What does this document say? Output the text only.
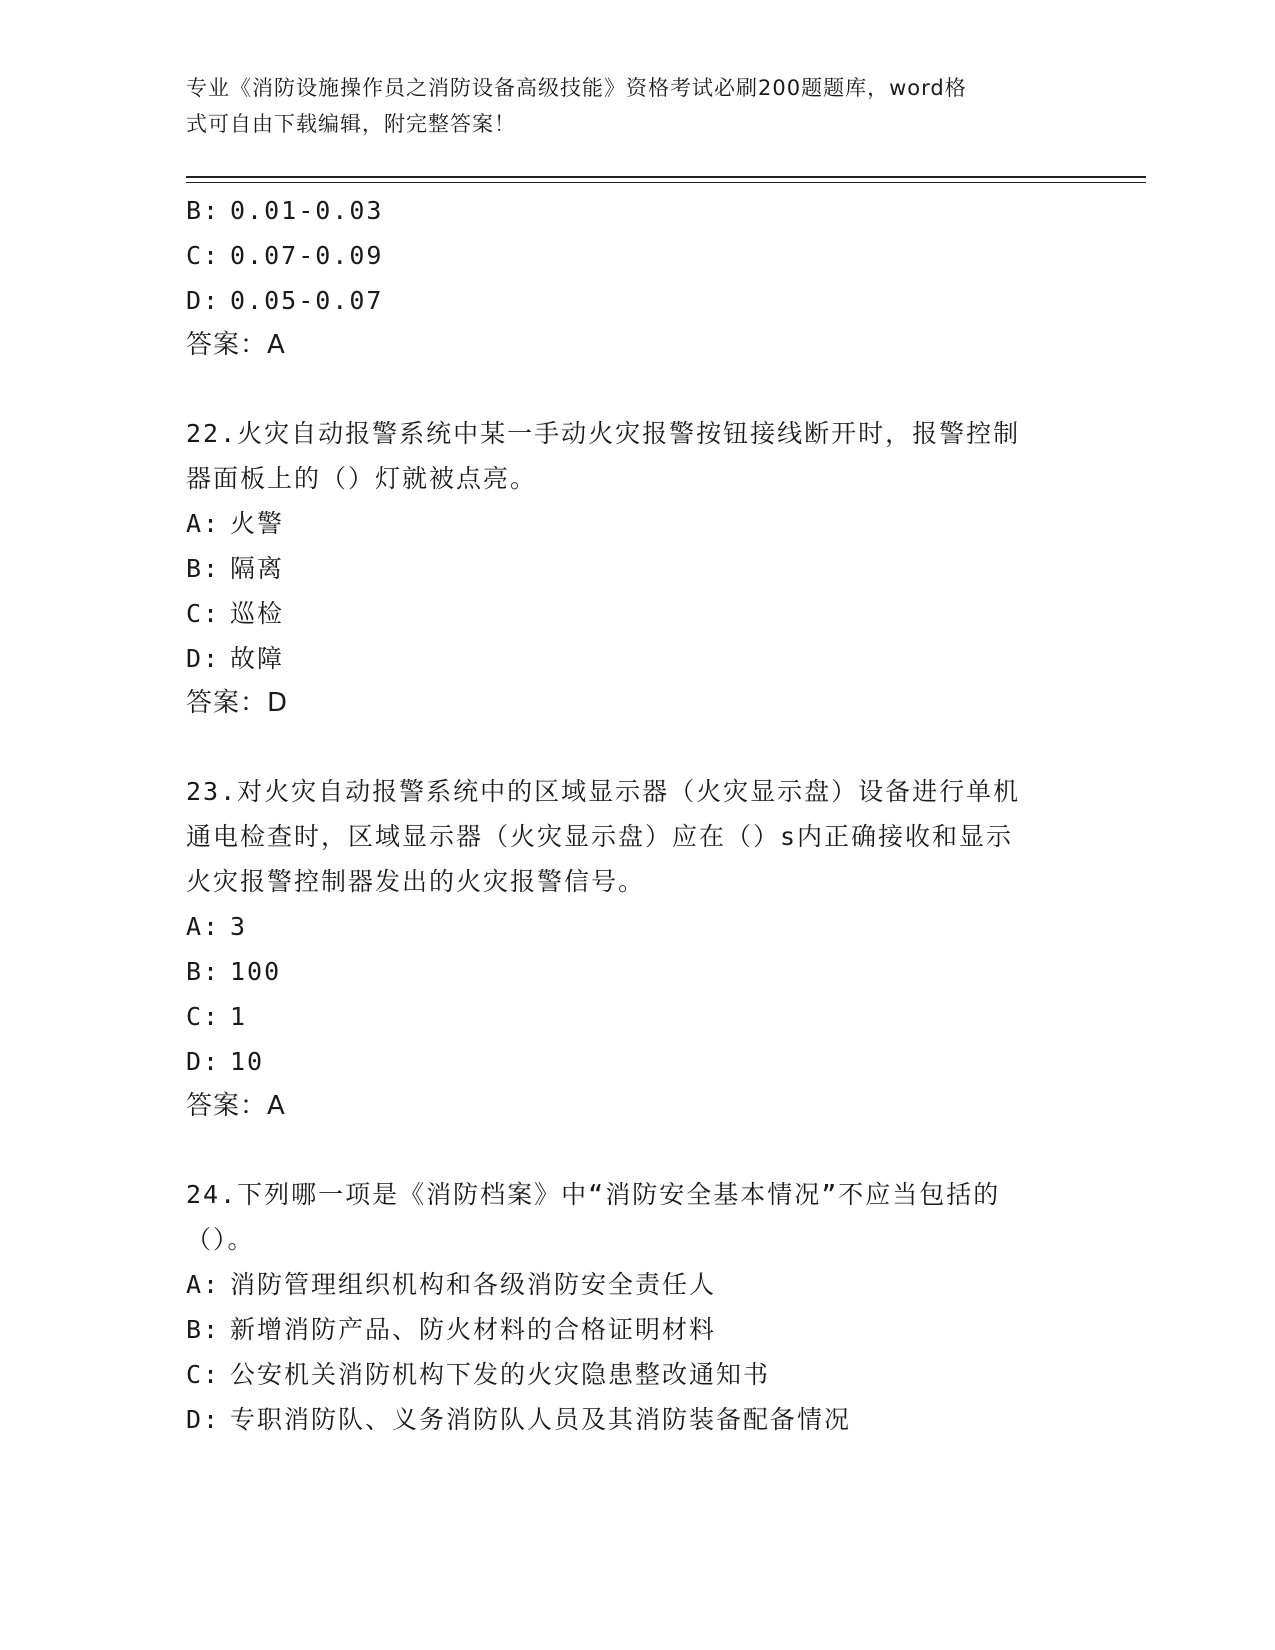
专业《消防设施操作员之消防设备高级技能》资格考试必刷200题题库，word格
式可自由下载编辑，附完整答案！
B: 0.01-0.03
C: 0.07-0.09
D: 0.05-0.07
答案：A
22.火灾自动报警系统中某一手动火灾报警按钮接线断开时，报警控制
器面板上的（）灯就被点亮。
A: 火警
B: 隔离
C: 巡检
D: 故障
答案：D
23.对火灾自动报警系统中的区域显示器（火灾显示盘）设备进行单机
通电检查时，区域显示器（火灾显示盘）应在（）s内正确接收和显示
火灾报警控制器发出的火灾报警信号。
A: 3
B: 100
C: 1
D: 10
答案：A
24.下列哪一项是《消防档案》中“消防安全基本情况”不应当包括的
（）。
A: 消防管理组织机构和各级消防安全责任人
B: 新增消防产品、防火材料的合格证明材料
C: 公安机关消防机构下发的火灾隐患整改通知书
D: 专职消防队、义务消防队人员及其消防装备配备情况
